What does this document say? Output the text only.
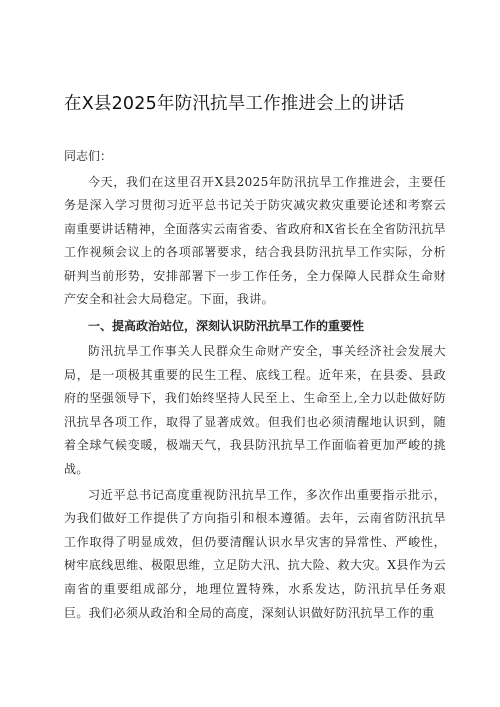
在X县2025年防汛抗旱工作推进会上的讲话

同志们：

今天，我们在这里召开X县2025年防汛抗旱工作推进会，主要任务是深入学习贯彻习近平总书记关于防灾减灾救灾重要论述和考察云南重要讲话精神，全面落实云南省委、省政府和X省长在全省防汛抗旱工作视频会议上的各项部署要求，结合我县防汛抗旱工作实际，分析研判当前形势，安排部署下一步工作任务，全力保障人民群众生命财产安全和社会大局稳定。下面，我讲。

一、提高政治站位，深刻认识防汛抗旱工作的重要性

防汛抗旱工作事关人民群众生命财产安全，事关经济社会发展大局，是一项极其重要的民生工程、底线工程。近年来，在县委、县政府的坚强领导下，我们始终坚持人民至上、生命至上,全力以赴做好防汛抗旱各项工作，取得了显著成效。但我们也必须清醒地认识到，随着全球气候变暖，极端天气，我县防汛抗旱工作面临着更加严峻的挑战。

习近平总书记高度重视防汛抗旱工作，多次作出重要指示批示，为我们做好工作提供了方向指引和根本遵循。去年，云南省防汛抗旱工作取得了明显成效，但仍要清醒认识水旱灾害的异常性、严峻性，树牢底线思维、极限思维，立足防大汛、抗大险、救大灾。X县作为云南省的重要组成部分，地理位置特殊，水系发达，防汛抗旱任务艰巨。我们必须从政治和全局的高度，深刻认识做好防汛抗旱工作的重
